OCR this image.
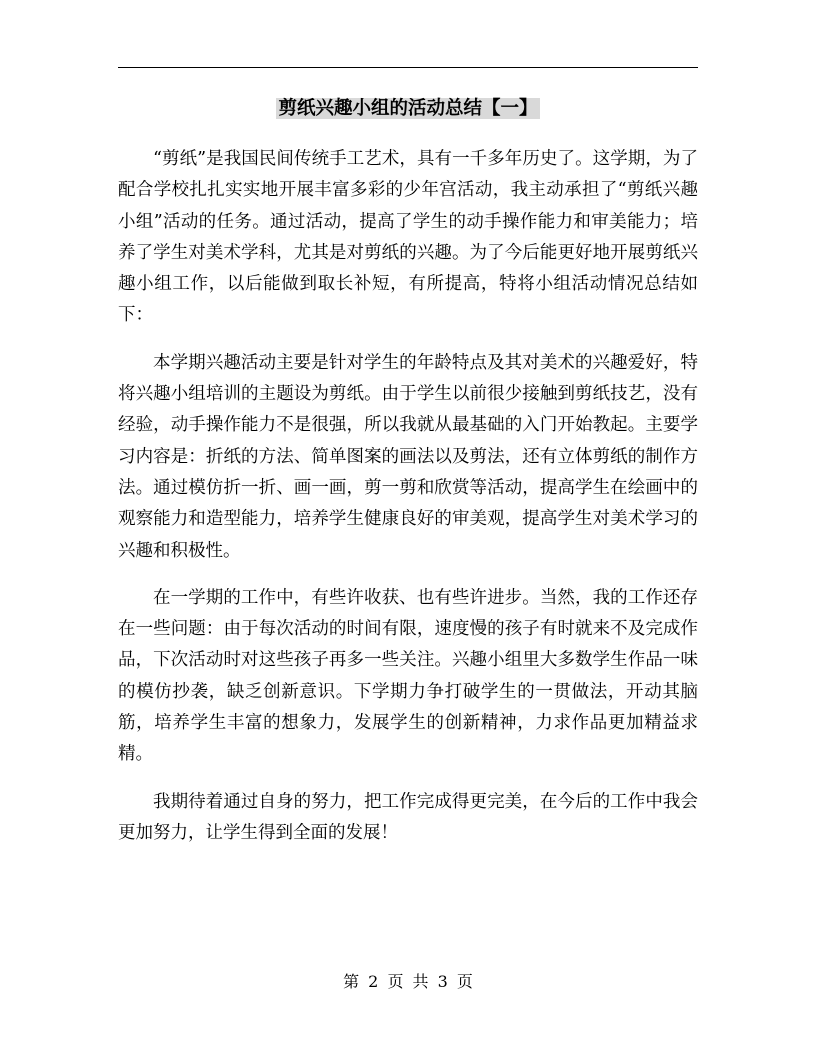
剪纸兴趣小组的活动总结【一】

“剪纸”是我国民间传统手工艺术，具有一千多年历史了。这学期，为了配合学校扎扎实实地开展丰富多彩的少年宫活动，我主动承担了“剪纸兴趣小组”活动的任务。通过活动，提高了学生的动手操作能力和审美能力；培养了学生对美术学科，尤其是对剪纸的兴趣。为了今后能更好地开展剪纸兴趣小组工作，以后能做到取长补短，有所提高，特将小组活动情况总结如下：

本学期兴趣活动主要是针对学生的年龄特点及其对美术的兴趣爱好，特将兴趣小组培训的主题设为剪纸。由于学生以前很少接触到剪纸技艺，没有经验，动手操作能力不是很强，所以我就从最基础的入门开始教起。主要学习内容是：折纸的方法、简单图案的画法以及剪法，还有立体剪纸的制作方法。通过模仿折一折、画一画，剪一剪和欣赏等活动，提高学生在绘画中的观察能力和造型能力，培养学生健康良好的审美观，提高学生对美术学习的兴趣和积极性。

在一学期的工作中，有些许收获、也有些许进步。当然，我的工作还存在一些问题：由于每次活动的时间有限，速度慢的孩子有时就来不及完成作品，下次活动时对这些孩子再多一些关注。兴趣小组里大多数学生作品一味的模仿抄袭，缺乏创新意识。下学期力争打破学生的一贯做法，开动其脑筋，培养学生丰富的想象力，发展学生的创新精神，力求作品更加精益求精。

我期待着通过自身的努力，把工作完成得更完美，在今后的工作中我会更加努力，让学生得到全面的发展！

第 2 页 共 3 页
